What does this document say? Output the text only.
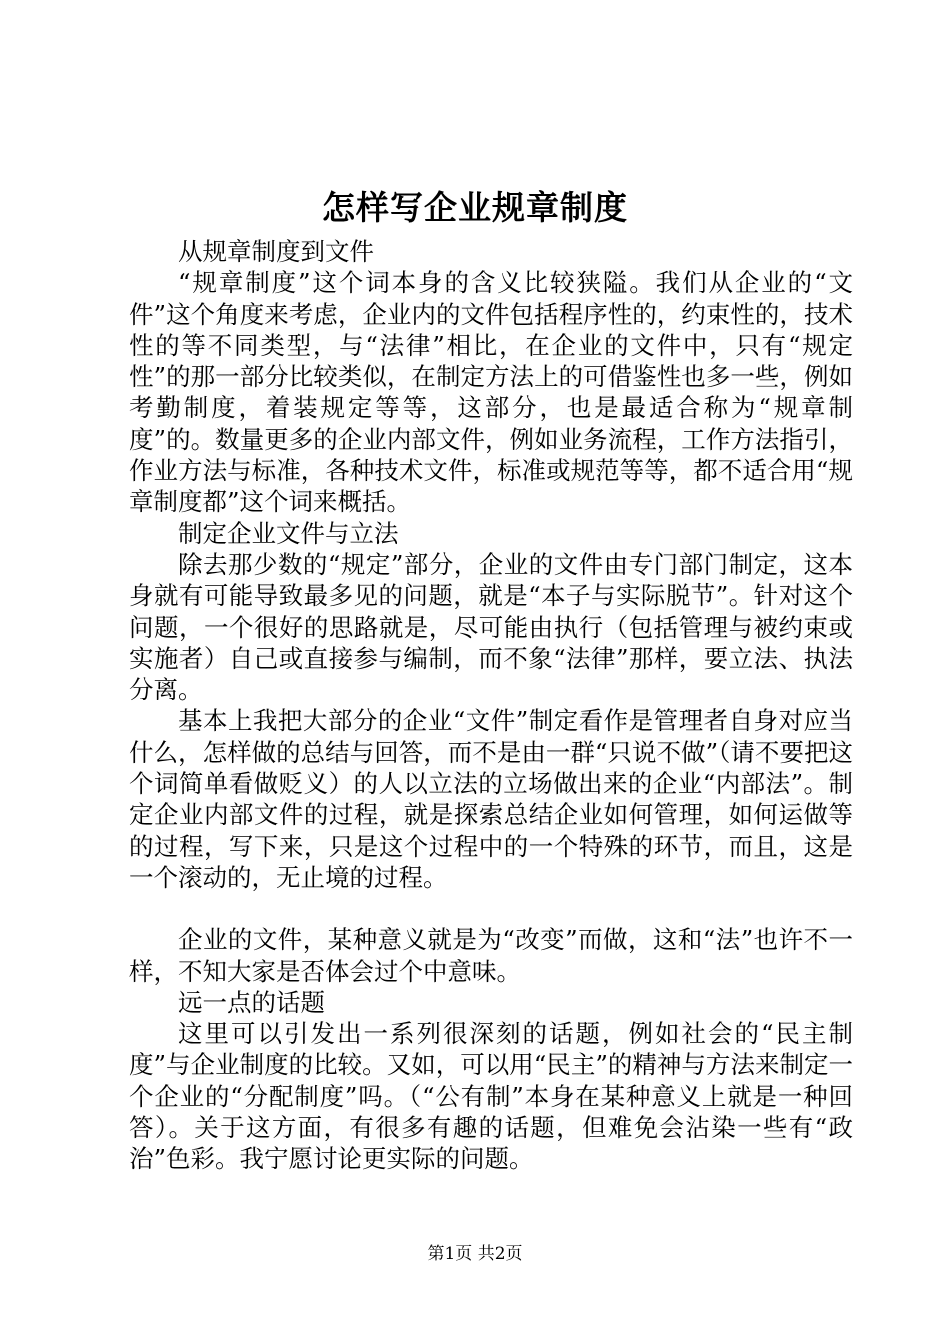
怎样写企业规章制度

从规章制度到文件

“规章制度”这个词本身的含义比较狭隘。我们从企业的“文件”这个角度来考虑，企业内的文件包括程序性的，约束性的，技术性的等不同类型，与“法律”相比，在企业的文件中，只有“规定性”的那一部分比较类似，在制定方法上的可借鉴性也多一些，例如考勤制度，着装规定等等，这部分，也是最适合称为“规章制度”的。数量更多的企业内部文件，例如业务流程，工作方法指引，作业方法与标准，各种技术文件，标准或规范等等，都不适合用“规章制度都”这个词来概括。

制定企业文件与立法

除去那少数的“规定”部分，企业的文件由专门部门制定，这本身就有可能导致最多见的问题，就是“本子与实际脱节”。针对这个问题，一个很好的思路就是，尽可能由执行（包括管理与被约束或实施者）自己或直接参与编制，而不象“法律”那样，要立法、执法分离。

基本上我把大部分的企业“文件”制定看作是管理者自身对应当什么，怎样做的总结与回答，而不是由一群“只说不做”（请不要把这个词简单看做贬义）的人以立法的立场做出来的企业“内部法”。制定企业内部文件的过程，就是探索总结企业如何管理，如何运做等的过程，写下来，只是这个过程中的一个特殊的环节，而且，这是一个滚动的，无止境的过程。

企业的文件，某种意义就是为“改变”而做，这和“法”也许不一样，不知大家是否体会过个中意味。

远一点的话题

这里可以引发出一系列很深刻的话题，例如社会的“民主制度”与企业制度的比较。又如，可以用“民主”的精神与方法来制定一个企业的“分配制度”吗。（“公有制”本身在某种意义上就是一种回答）。关于这方面，有很多有趣的话题，但难免会沾染一些有“政治”色彩。我宁愿讨论更实际的问题。

第1页 共2页
